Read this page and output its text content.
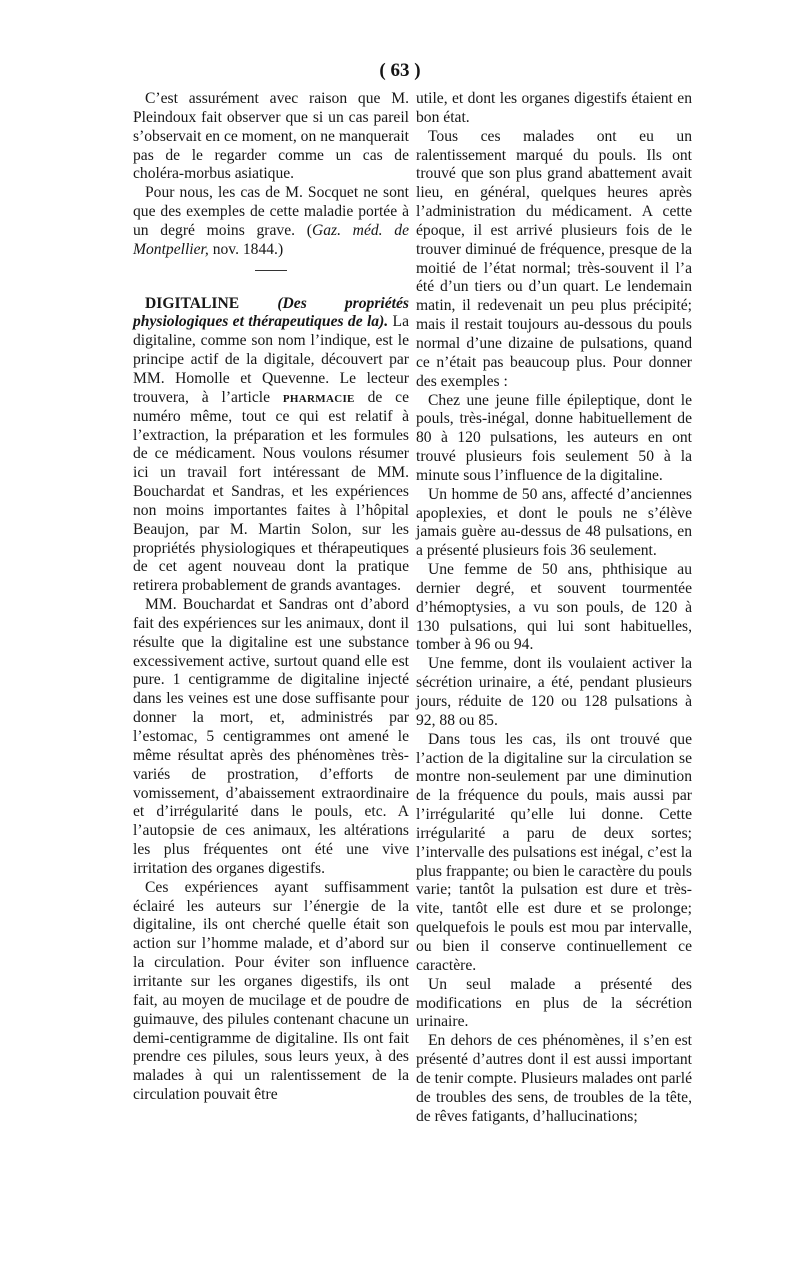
( 63 )

C’est assurément avec raison que M. Pleindoux fait observer que si un cas pareil s’observait en ce moment, on ne manquerait pas de le regarder comme un cas de choléra-morbus asiatique.

Pour nous, les cas de M. Socquet ne sont que des exemples de cette maladie portée à un degré moins grave. (Gaz. méd. de Montpellier, nov. 1844.)

DIGITALINE (Des propriétés physiologiques et thérapeutiques de la). La digitaline, comme son nom l’indique, est le principe actif de la digitale, découvert par MM. Homolle et Quevenne. Le lecteur trouvera, à l’article pharmacie de ce numéro même, tout ce qui est relatif à l’extraction, la préparation et les formules de ce médicament. Nous voulons résumer ici un travail fort intéressant de MM. Bouchardat et Sandras, et les expériences non moins importantes faites à l’hôpital Beaujon, par M. Martin Solon, sur les propriétés physiologiques et thérapeutiques de cet agent nouveau dont la pratique retirera probablement de grands avantages.

MM. Bouchardat et Sandras ont d’abord fait des expériences sur les animaux, dont il résulte que la digitaline est une substance excessivement active, surtout quand elle est pure. 1 centigramme de digitaline injecté dans les veines est une dose suffisante pour donner la mort, et, administrés par l’estomac, 5 centigrammes ont amené le même résultat après des phénomènes très-variés de prostration, d’efforts de vomissement, d’abaissement extraordinaire et d’irrégularité dans le pouls, etc. A l’autopsie de ces animaux, les altérations les plus fréquentes ont été une vive irritation des organes digestifs.

Ces expériences ayant suffisamment éclairé les auteurs sur l’énergie de la digitaline, ils ont cherché quelle était son action sur l’homme malade, et d’abord sur la circulation. Pour éviter son influence irritante sur les organes digestifs, ils ont fait, au moyen de mucilage et de poudre de guimauve, des pilules contenant chacune un demi-centigramme de digitaline. Ils ont fait prendre ces pilules, sous leurs yeux, à des malades à qui un ralentissement de la circulation pouvait être

utile, et dont les organes digestifs étaient en bon état.

Tous ces malades ont eu un ralentissement marqué du pouls. Ils ont trouvé que son plus grand abattement avait lieu, en général, quelques heures après l’administration du médicament. A cette époque, il est arrivé plusieurs fois de le trouver diminué de fréquence, presque de la moitié de l’état normal; très-souvent il l’a été d’un tiers ou d’un quart. Le lendemain matin, il redevenait un peu plus précipité; mais il restait toujours au-dessous du pouls normal d’une dizaine de pulsations, quand ce n’était pas beaucoup plus. Pour donner des exemples :

Chez une jeune fille épileptique, dont le pouls, très-inégal, donne habituellement de 80 à 120 pulsations, les auteurs en ont trouvé plusieurs fois seulement 50 à la minute sous l’influence de la digitaline.

Un homme de 50 ans, affecté d’anciennes apoplexies, et dont le pouls ne s’élève jamais guère au-dessus de 48 pulsations, en a présenté plusieurs fois 36 seulement.

Une femme de 50 ans, phthisique au dernier degré, et souvent tourmentée d’hémoptysies, a vu son pouls, de 120 à 130 pulsations, qui lui sont habituelles, tomber à 96 ou 94.

Une femme, dont ils voulaient activer la sécrétion urinaire, a été, pendant plusieurs jours, réduite de 120 ou 128 pulsations à 92, 88 ou 85.

Dans tous les cas, ils ont trouvé que l’action de la digitaline sur la circulation se montre non-seulement par une diminution de la fréquence du pouls, mais aussi par l’irrégularité qu’elle lui donne. Cette irrégularité a paru de deux sortes; l’intervalle des pulsations est inégal, c’est la plus frappante; ou bien le caractère du pouls varie; tantôt la pulsation est dure et très-vite, tantôt elle est dure et se prolonge; quelquefois le pouls est mou par intervalle, ou bien il conserve continuellement ce caractère.

Un seul malade a présenté des modifications en plus de la sécrétion urinaire.

En dehors de ces phénomènes, il s’en est présenté d’autres dont il est aussi important de tenir compte. Plusieurs malades ont parlé de troubles des sens, de troubles de la tête, de rêves fatigants, d’hallucinations;
